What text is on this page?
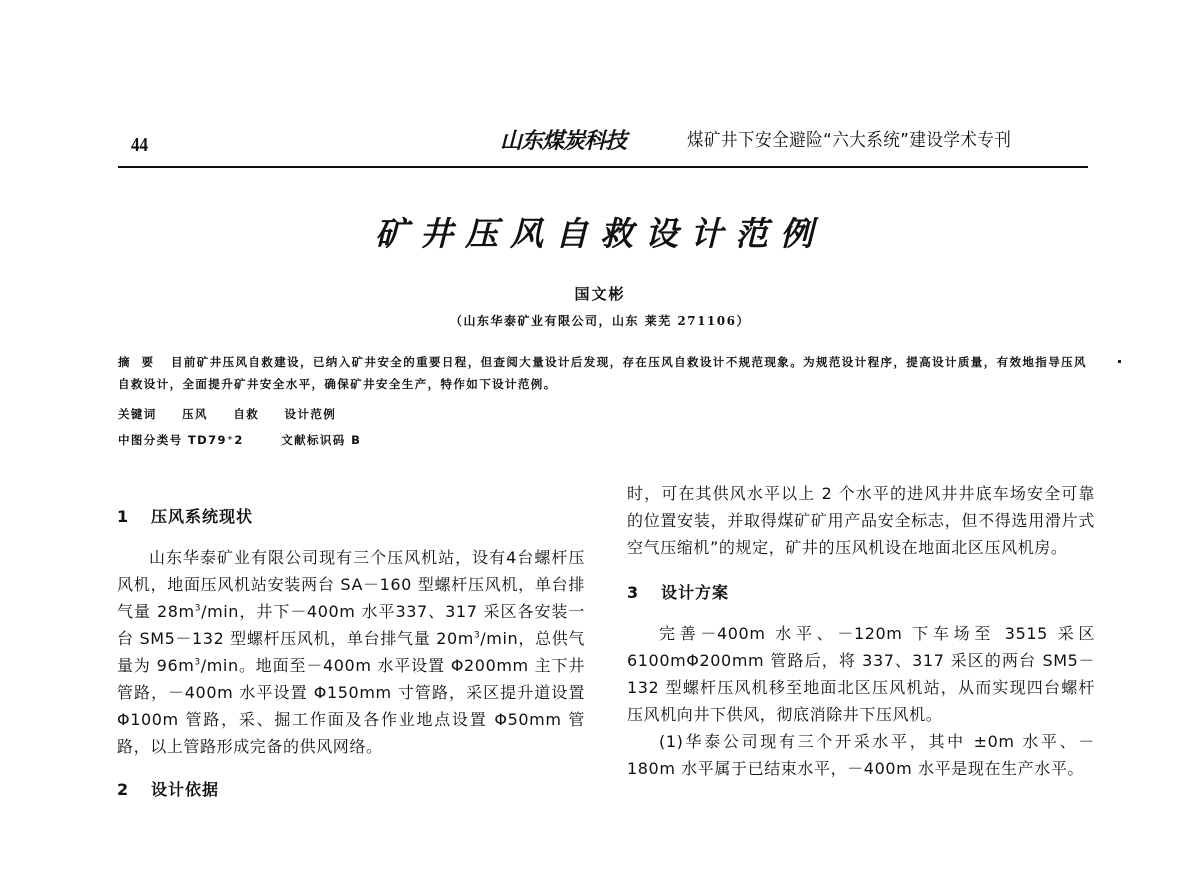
44	山东煤炭科技	煤矿井下安全避险“六大系统”建设学术专刊
矿井压风自救设计范例
国文彬
（山东华泰矿业有限公司，山东 莱芜 271106）
摘要 目前矿井压风自救建设，已纳入矿井安全的重要日程，但查阅大量设计后发现，存在压风自救设计不规范现象。为规范设计程序，提高设计质量，有效地指导压风自救设计，全面提升矿井安全水平，确保矿井安全生产，特作如下设计范例。
关键词 压风 自救 设计范例
中图分类号 TD79⁺2	文献标识码 B
1 压风系统现状
山东华泰矿业有限公司现有三个压风机站，设有4台螺杆压风机，地面压风机站安装两台 SA－160 型螺杆压风机，单台排气量 $28m^3/\min$，井下－400m 水平337、317 采区各安装一台 SM5－132 型螺杆压风机，单台排气量 $20m^3/\min$，总供气量为 $96m^3/\min$。地面至－400m 水平设置 Φ200mm 主下井管路，－400m 水平设置 Φ150mm 寸管路，采区提升道设置 Φ100m 管路，采、掘工作面及各作业地点设置 Φ50mm 管路，以上管路形成完备的供风网络。
2 设计依据
时，可在其供风水平以上 2 个水平的进风井井底车场安全可靠的位置安装，并取得煤矿矿用产品安全标志，但不得选用滑片式空气压缩机”的规定，矿井的压风机设在地面北区压风机房。
3 设计方案
完善－400m 水平、－120m 下车场至 3515 采区6100mΦ200mm 管路后，将 337、317 采区的两台 SM5－132 型螺杆压风机移至地面北区压风机站，从而实现四台螺杆压风机向井下供风，彻底消除井下压风机。
(1)华泰公司现有三个开采水平，其中 ±0m 水平、－180m 水平属于已结束水平，－400m 水平是现在生产水平。
